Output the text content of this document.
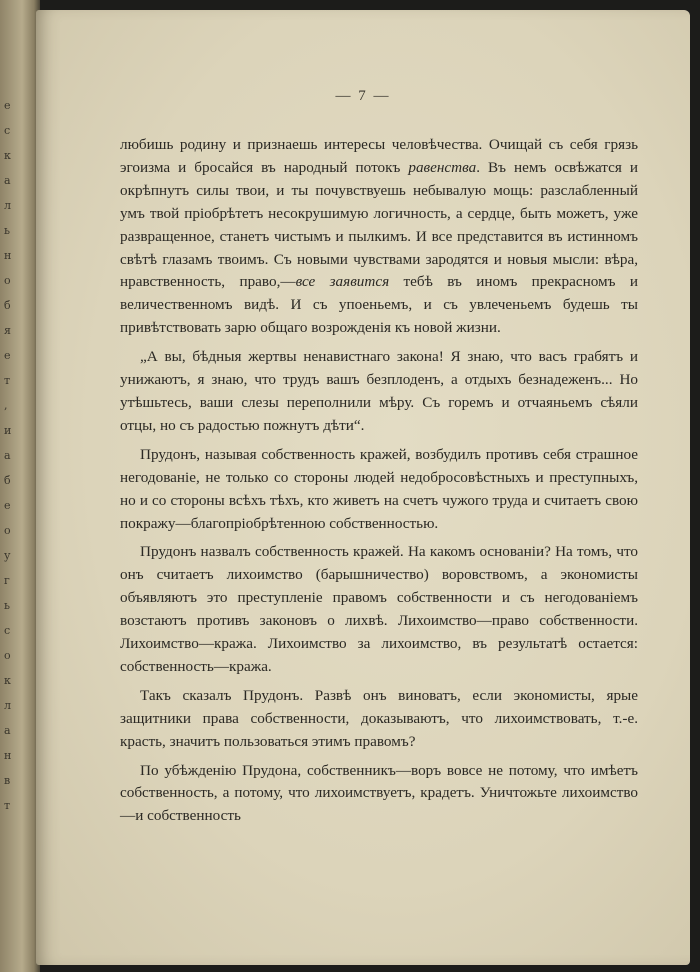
е
с
к
а
л
ь
н
о
б
я
е
т
,
и
а
б
е
о
у
г
ь
с
о
к
л
а
н
в
т
— 7 —

любишь родину и признаешь интересы человѣчества. Очищай съ себя грязь эгоизма и бросайся въ народный потокъ равенства. Въ немъ освѣжатся и окрѣпнутъ силы твои, и ты почувствуешь небывалую мощь: разслабленный умъ твой пріобрѣтетъ несокрушимую логичность, а сердце, быть можетъ, уже развращенное, станетъ чистымъ и пылкимъ. И все представится въ истинномъ свѣтѣ глазамъ твоимъ. Съ новыми чувствами зародятся и новыя мысли: вѣра, нравственность, право,—все заявится тебѣ въ иномъ прекрасномъ и величественномъ видѣ. И съ упоеньемъ, и съ увлеченьемъ будешь ты привѣтствовать зарю общаго возрожденія къ новой жизни.

„А вы, бѣдныя жертвы ненавистнаго закона! Я знаю, что васъ грабятъ и унижаютъ, я знаю, что трудъ вашъ безплоденъ, а отдыхъ безнадеженъ... Но утѣшьтесь, ваши слезы переполнили мѣру. Съ горемъ и отчаяньемъ сѣяли отцы, но съ радостью пожнутъ дѣти“.

Прудонъ, называя собственность кражей, возбудилъ противъ себя страшное негодованіе, не только со стороны людей недобросовѣстныхъ и преступныхъ, но и со стороны всѣхъ тѣхъ, кто живетъ на счетъ чужого труда и считаетъ свою покражу—благопріобрѣтенною собственностью.

Прудонъ назвалъ собственность кражей. На какомъ основаніи? На томъ, что онъ считаетъ лихоимство (барышничество) воровствомъ, а экономисты объявляютъ это преступленіе правомъ собственности и съ негодованіемъ возстаютъ противъ законовъ о лихвѣ. Лихоимство—право собственности. Лихоимство—кража. Лихоимство за лихоимство, въ результатѣ остается: собственность—кража.

Такъ сказалъ Прудонъ. Развѣ онъ виноватъ, если экономисты, ярые защитники права собственности, доказываютъ, что лихоимствовать, т.-е. красть, значитъ пользоваться этимъ правомъ?

По убѣжденію Прудона, собственникъ—воръ вовсе не потому, что имѣетъ собственность, а потому, что лихоимствуетъ, крадетъ. Уничтожьте лихоимство—и собственность
